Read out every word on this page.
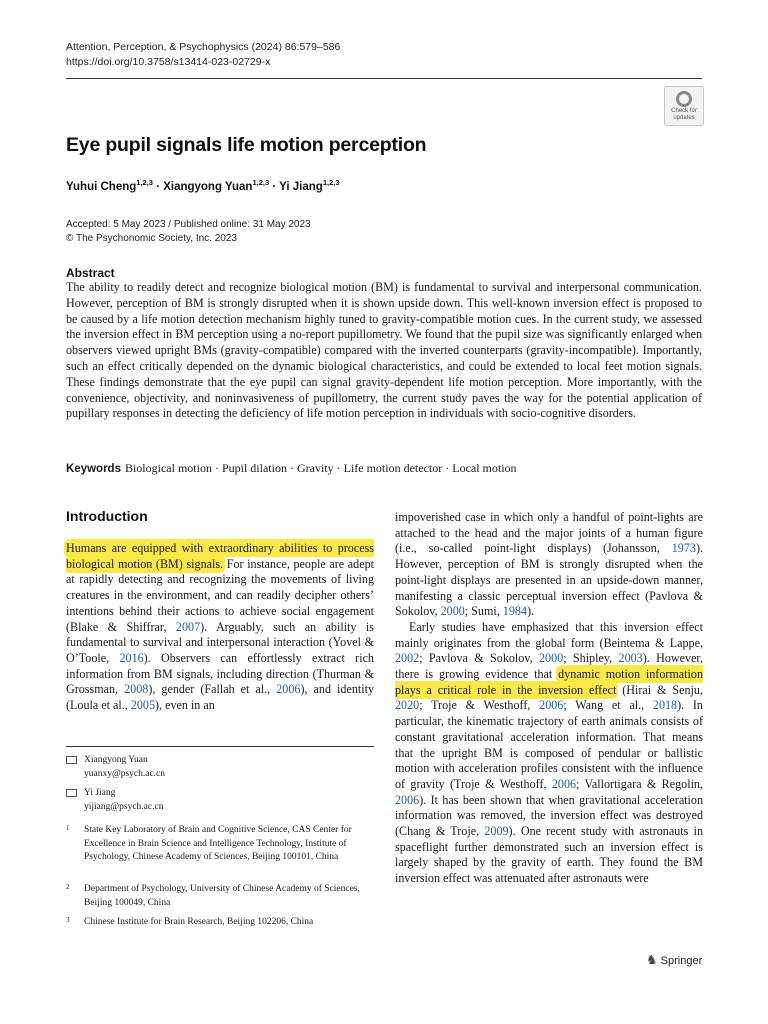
Attention, Perception, & Psychophysics (2024) 86:579–586
https://doi.org/10.3758/s13414-023-02729-x
Check for
updates
Eye pupil signals life motion perception
Yuhui Cheng$^{1,2,3}$ · Xiangyong Yuan$^{1,2,3}$ · Yi Jiang$^{1,2,3}$
Accepted: 5 May 2023 / Published online: 31 May 2023
© The Psychonomic Society, Inc. 2023
Abstract

The ability to readily detect and recognize biological motion (BM) is fundamental to survival and interpersonal communication. However, perception of BM is strongly disrupted when it is shown upside down. This well-known inversion effect is proposed to be caused by a life motion detection mechanism highly tuned to gravity-compatible motion cues. In the current study, we assessed the inversion effect in BM perception using a no-report pupillometry. We found that the pupil size was significantly enlarged when observers viewed upright BMs (gravity-compatible) compared with the inverted counterparts (gravity-incompatible). Importantly, such an effect critically depended on the dynamic biological characteristics, and could be extended to local feet motion signals. These findings demonstrate that the eye pupil can signal gravity-dependent life motion perception. More importantly, with the convenience, objectivity, and noninvasiveness of pupillometry, the current study paves the way for the potential application of pupillary responses in detecting the deficiency of life motion perception in individuals with socio-cognitive disorders.

Keywords Biological motion · Pupil dilation · Gravity · Life motion detector · Local motion
Introduction

Humans are equipped with extraordinary abilities to process biological motion (BM) signals. For instance, people are adept at rapidly detecting and recognizing the movements of living creatures in the environment, and can readily decipher others’ intentions behind their actions to achieve social engagement (Blake & Shiffrar, 2007). Arguably, such an ability is fundamental to survival and interpersonal interaction (Yovel & O’Toole, 2016). Observers can effortlessly extract rich information from BM signals, including direction (Thurman & Grossman, 2008), gender (Fallah et al., 2006), and identity (Loula et al., 2005), even in an

impoverished case in which only a handful of point-lights are attached to the head and the major joints of a human figure (i.e., so-called point-light displays) (Johansson, 1973). However, perception of BM is strongly disrupted when the point-light displays are presented in an upside-down manner, manifesting a classic perceptual inversion effect (Pavlova & Sokolov, 2000; Sumi, 1984).
Early studies have emphasized that this inversion effect mainly originates from the global form (Beintema & Lappe, 2002; Pavlova & Sokolov, 2000; Shipley, 2003). However, there is growing evidence that dynamic motion information plays a critical role in the inversion effect (Hirai & Senju, 2020; Troje & Westhoff, 2006; Wang et al., 2018). In particular, the kinematic trajectory of earth animals consists of constant gravitational acceleration information. That means that the upright BM is composed of pendular or ballistic motion with acceleration profiles consistent with the influence of gravity (Troje & Westhoff, 2006; Vallortigara & Regolin, 2006). It has been shown that when gravitational acceleration information was removed, the inversion effect was destroyed (Chang & Troje, 2009). One recent study with astronauts in spaceflight further demonstrated such an inversion effect is largely shaped by the gravity of earth. They found the BM inversion effect was attenuated after astronauts were

Xiangyong Yuan
yuanxy@psych.ac.cn
Yi Jiang
yijiang@psych.ac.cn
1 State Key Laboratory of Brain and Cognitive Science, CAS Center for Excellence in Brain Science and Intelligence Technology, Institute of Psychology, Chinese Academy of Sciences, Beijing 100101, China
2 Department of Psychology, University of Chinese Academy of Sciences, Beijing 100049, China
3 Chinese Institute for Brain Research, Beijing 102206, China
♞ Springer
